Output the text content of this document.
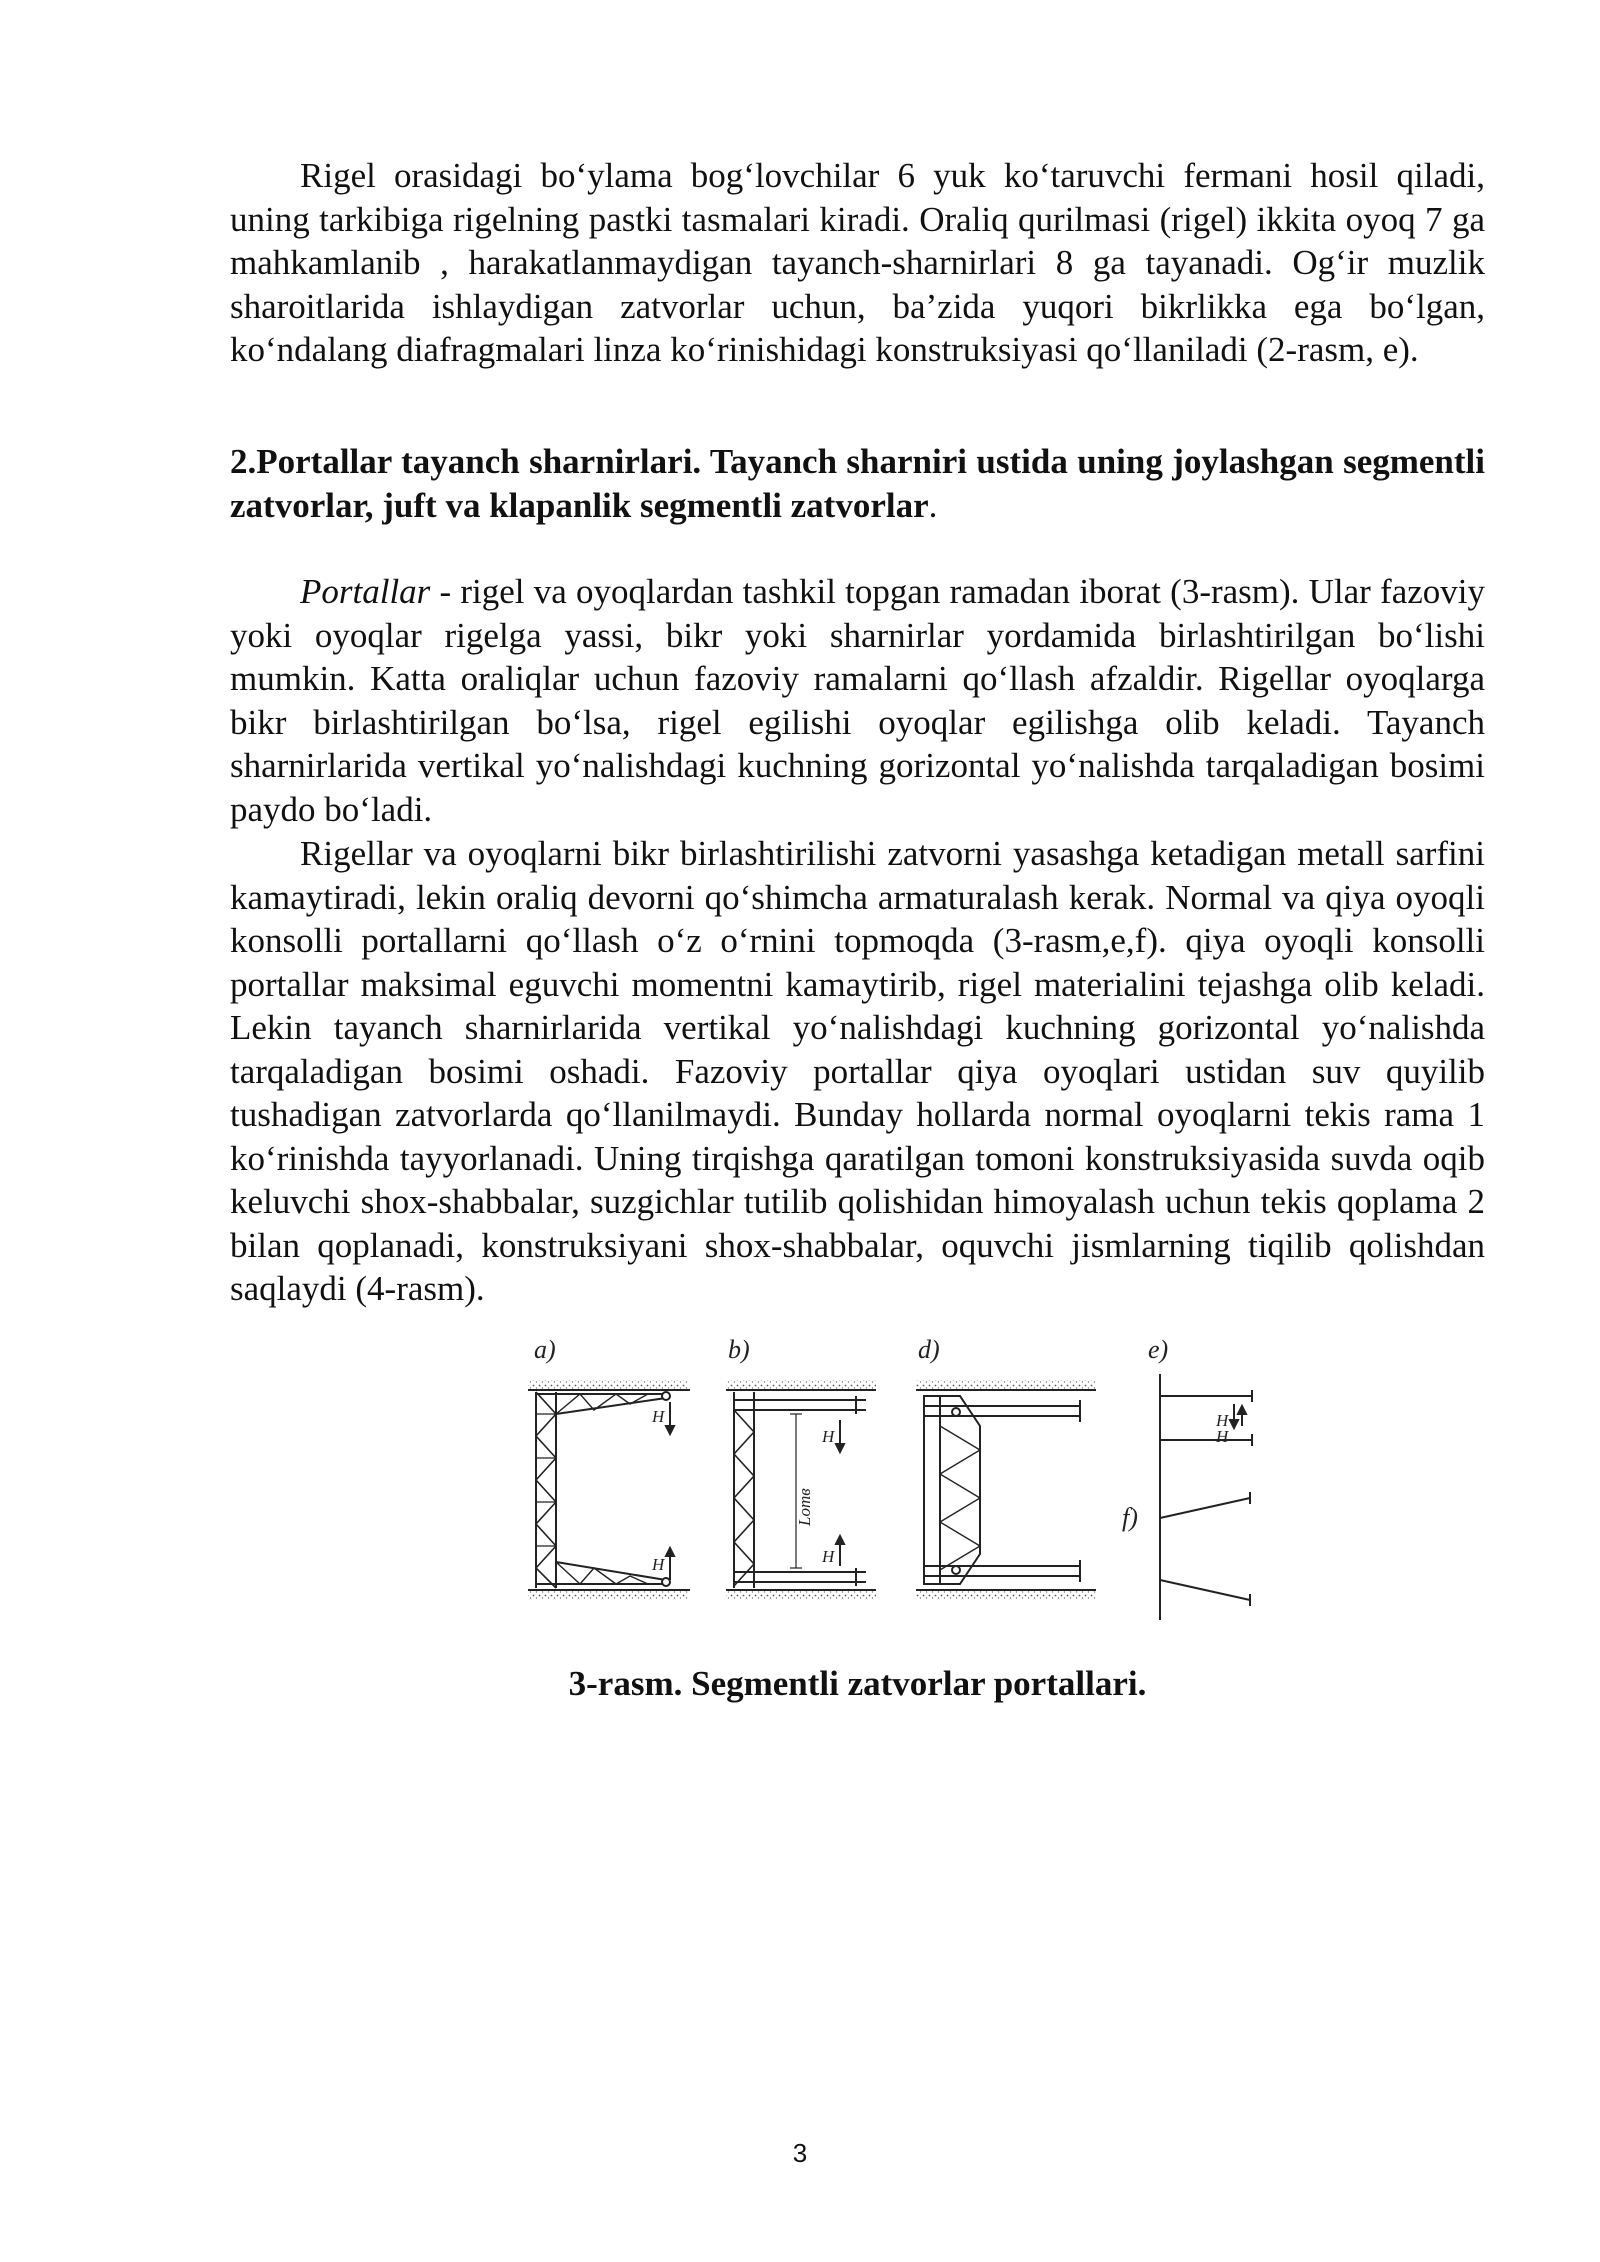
Rigel orasidagi bo‘ylama bog‘lovchilar 6 yuk ko‘taruvchi fermani hosil qiladi, uning tarkibiga rigelning pastki tasmalari kiradi. Oraliq qurilmasi (rigel) ikkita oyoq 7 ga mahkamlanib , harakatlanmaydigan tayanch-sharnirlari 8 ga tayanadi. Og‘ir muzlik sharoitlarida ishlaydigan zatvorlar uchun, ba’zida yuqori bikrlikka ega bo‘lgan, ko‘ndalang diafragmalari linza ko‘rinishidagi konstruksiyasi qo‘llaniladi (2-rasm, e).

2.Portallar tayanch sharnirlari. Tayanch sharniri ustida uning joylashgan segmentli zatvorlar, juft va klapanlik segmentli zatvorlar.

Portallar - rigel va oyoqlardan tashkil topgan ramadan iborat (3-rasm). Ular fazoviy yoki oyoqlar rigelga yassi, bikr yoki sharnirlar yordamida birlashtirilgan bo‘lishi mumkin. Katta oraliqlar uchun fazoviy ramalarni qo‘llash afzaldir. Rigellar oyoqlarga bikr birlashtirilgan bo‘lsa, rigel egilishi oyoqlar egilishga olib keladi. Tayanch sharnirlarida vertikal yo‘nalishdagi kuchning gorizontal yo‘nalishda tarqaladigan bosimi paydo bo‘ladi.

Rigellar va oyoqlarni bikr birlashtirilishi zatvorni yasashga ketadigan metall sarfini kamaytiradi, lekin oraliq devorni qo‘shimcha armaturalash kerak. Normal va qiya oyoqli konsolli portallarni qo‘llash o‘z o‘rnini topmoqda (3-rasm,e,f). qiya oyoqli konsolli portallar maksimal eguvchi momentni kamaytirib, rigel materialini tejashga olib keladi. Lekin tayanch sharnirlarida vertikal yo‘nalishdagi kuchning gorizontal yo‘nalishda tarqaladigan bosimi oshadi. Fazoviy portallar qiya oyoqlari ustidan suv quyilib tushadigan zatvorlarda qo‘llanilmaydi. Bunday hollarda normal oyoqlarni tekis rama 1 ko‘rinishda tayyorlanadi. Uning tirqishga qaratilgan tomoni konstruksiyasida suvda oqib keluvchi shox-shabbalar, suzgichlar tutilib qolishidan himoyalash uchun tekis qoplama 2 bilan qoplanadi, konstruksiyani shox-shabbalar, oquvchi jismlarning tiqilib qolishdan saqlaydi (4-rasm).

a)	b)	d)	e)
f)
H
H
H
H
Lотв
H
H
3-rasm. Segmentli zatvorlar portallari.
3
